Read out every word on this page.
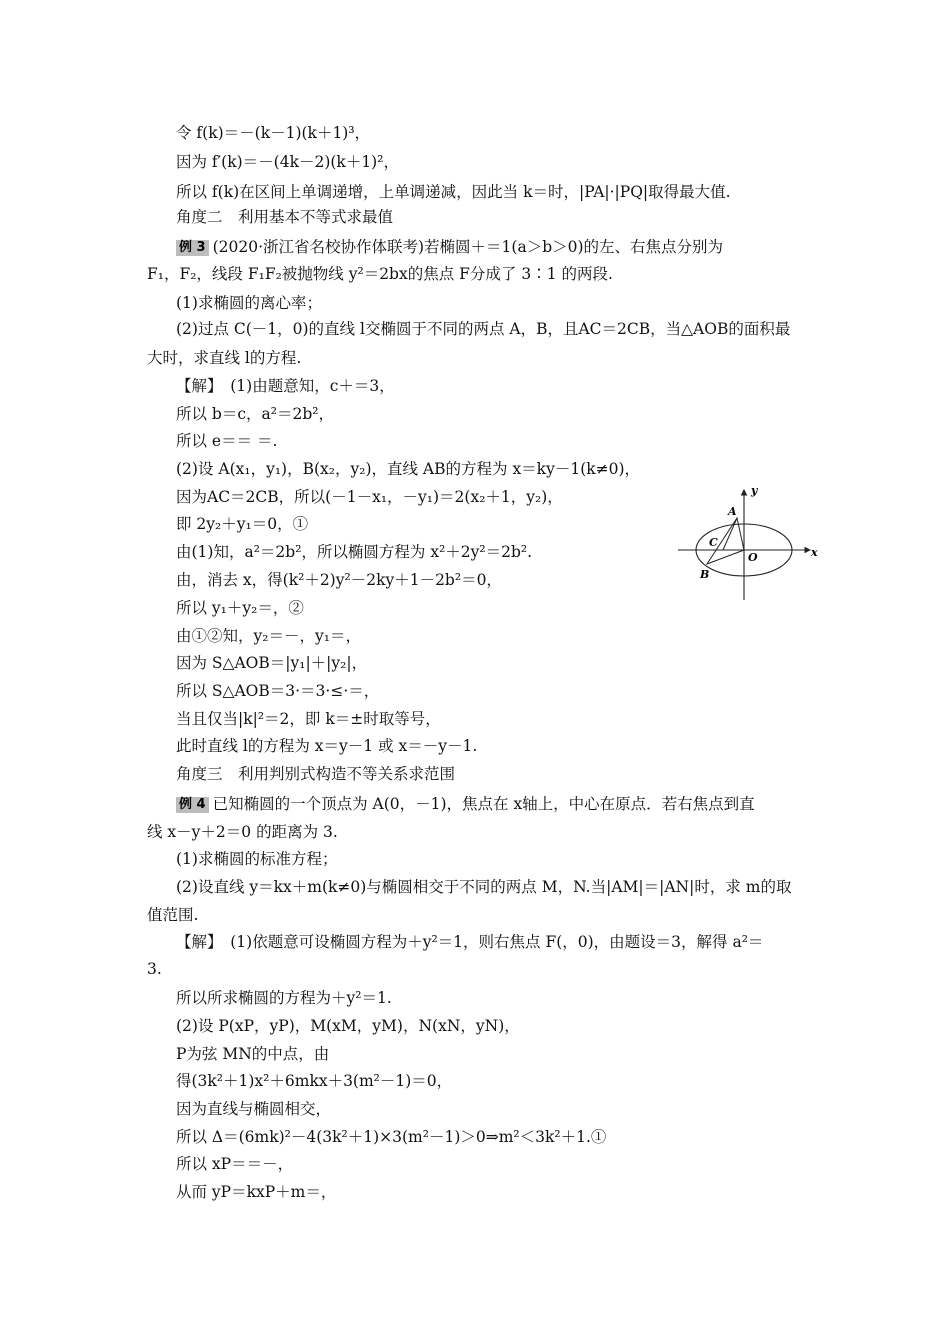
令 f(k)＝－(k－1)(k＋1)³，
因为 f′(k)＝－(4k－2)(k＋1)²，
所以 f(k)在区间上单调递增，上单调递减，因此当 k＝时，|PA|·|PQ|取得最大值.
角度二　利用基本不等式求最值
例 3 (2020·浙江省名校协作体联考)若椭圆＋＝1(a＞b＞0)的左、右焦点分别为
F₁，F₂，线段 F₁F₂被抛物线 y²＝2bx的焦点 F分成了 3∶1 的两段.
(1)求椭圆的离心率；
(2)过点 C(－1，0)的直线 l交椭圆于不同的两点 A，B，且AC＝2CB，当△AOB的面积最
大时，求直线 l的方程.
【解】　(1)由题意知，c＋＝3，
所以 b＝c，a²＝2b²，
所以 e＝＝ ＝.
(2)设 A(x₁，y₁)，B(x₂，y₂)，直线 AB的方程为 x＝ky－1(k≠0)，
因为AC＝2CB，所以(－1－x₁，－y₁)＝2(x₂＋1，y₂)，
即 2y₂＋y₁＝0，①
由(1)知，a²＝2b²，所以椭圆方程为 x²＋2y²＝2b².
由，消去 x，得(k²＋2)y²－2ky＋1－2b²＝0，
所以 y₁＋y₂＝，②
由①②知，y₂＝－，y₁＝，
因为 S△AOB＝|y₁|＋|y₂|，
所以 S△AOB＝3·＝3·≤·＝，
当且仅当|k|²＝2，即 k＝±时取等号，
此时直线 l的方程为 x＝y－1 或 x＝－y－1.
角度三　利用判别式构造不等关系求范围
例 4 已知椭圆的一个顶点为 A(0，－1)，焦点在 x轴上，中心在原点．若右焦点到直
线 x－y＋2＝0 的距离为 3.
(1)求椭圆的标准方程；
(2)设直线 y＝kx＋m(k≠0)与椭圆相交于不同的两点 M，N.当|AM|＝|AN|时，求 m的取
值范围.
【解】　(1)依题意可设椭圆方程为＋y²＝1，则右焦点 F(，0)，由题设＝3，解得 a²＝
3.
所以所求椭圆的方程为＋y²＝1.
(2)设 P(xP，yP)，M(xM，yM)，N(xN，yN)，
P为弦 MN的中点，由
得(3k²＋1)x²＋6mkx＋3(m²－1)＝0，
因为直线与椭圆相交，
所以 Δ＝(6mk)²－4(3k²＋1)×3(m²－1)＞0⇒m²＜3k²＋1.①
所以 xP＝＝－，
从而 yP＝kxP＋m＝，
y
x
A
C
O
B
